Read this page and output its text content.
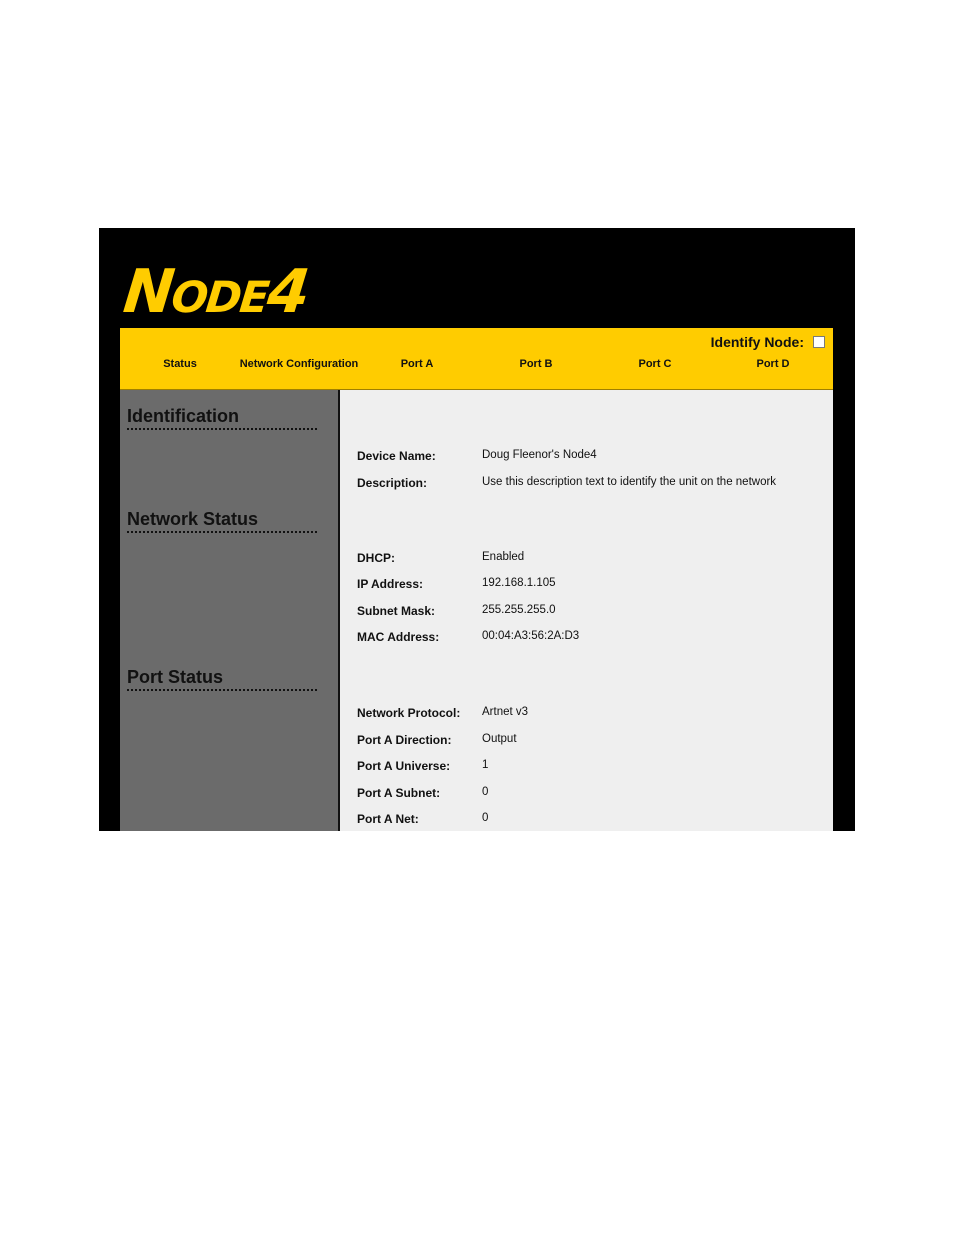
NODE4
Identify Node:
Status	Network Configuration	Port A	Port B	Port C	Port D
Identification
Network Status
Port Status
Device Name:	Doug Fleenor's Node4
Description:	Use this description text to identify the unit on the network
DHCP:	Enabled
IP Address:	192.168.1.105
Subnet Mask:	255.255.255.0
MAC Address:	00:04:A3:56:2A:D3
Network Protocol: Artnet v3
Port A Direction:	Output
Port A Universe:	1
Port A Subnet:	0
Port A Net:	0
